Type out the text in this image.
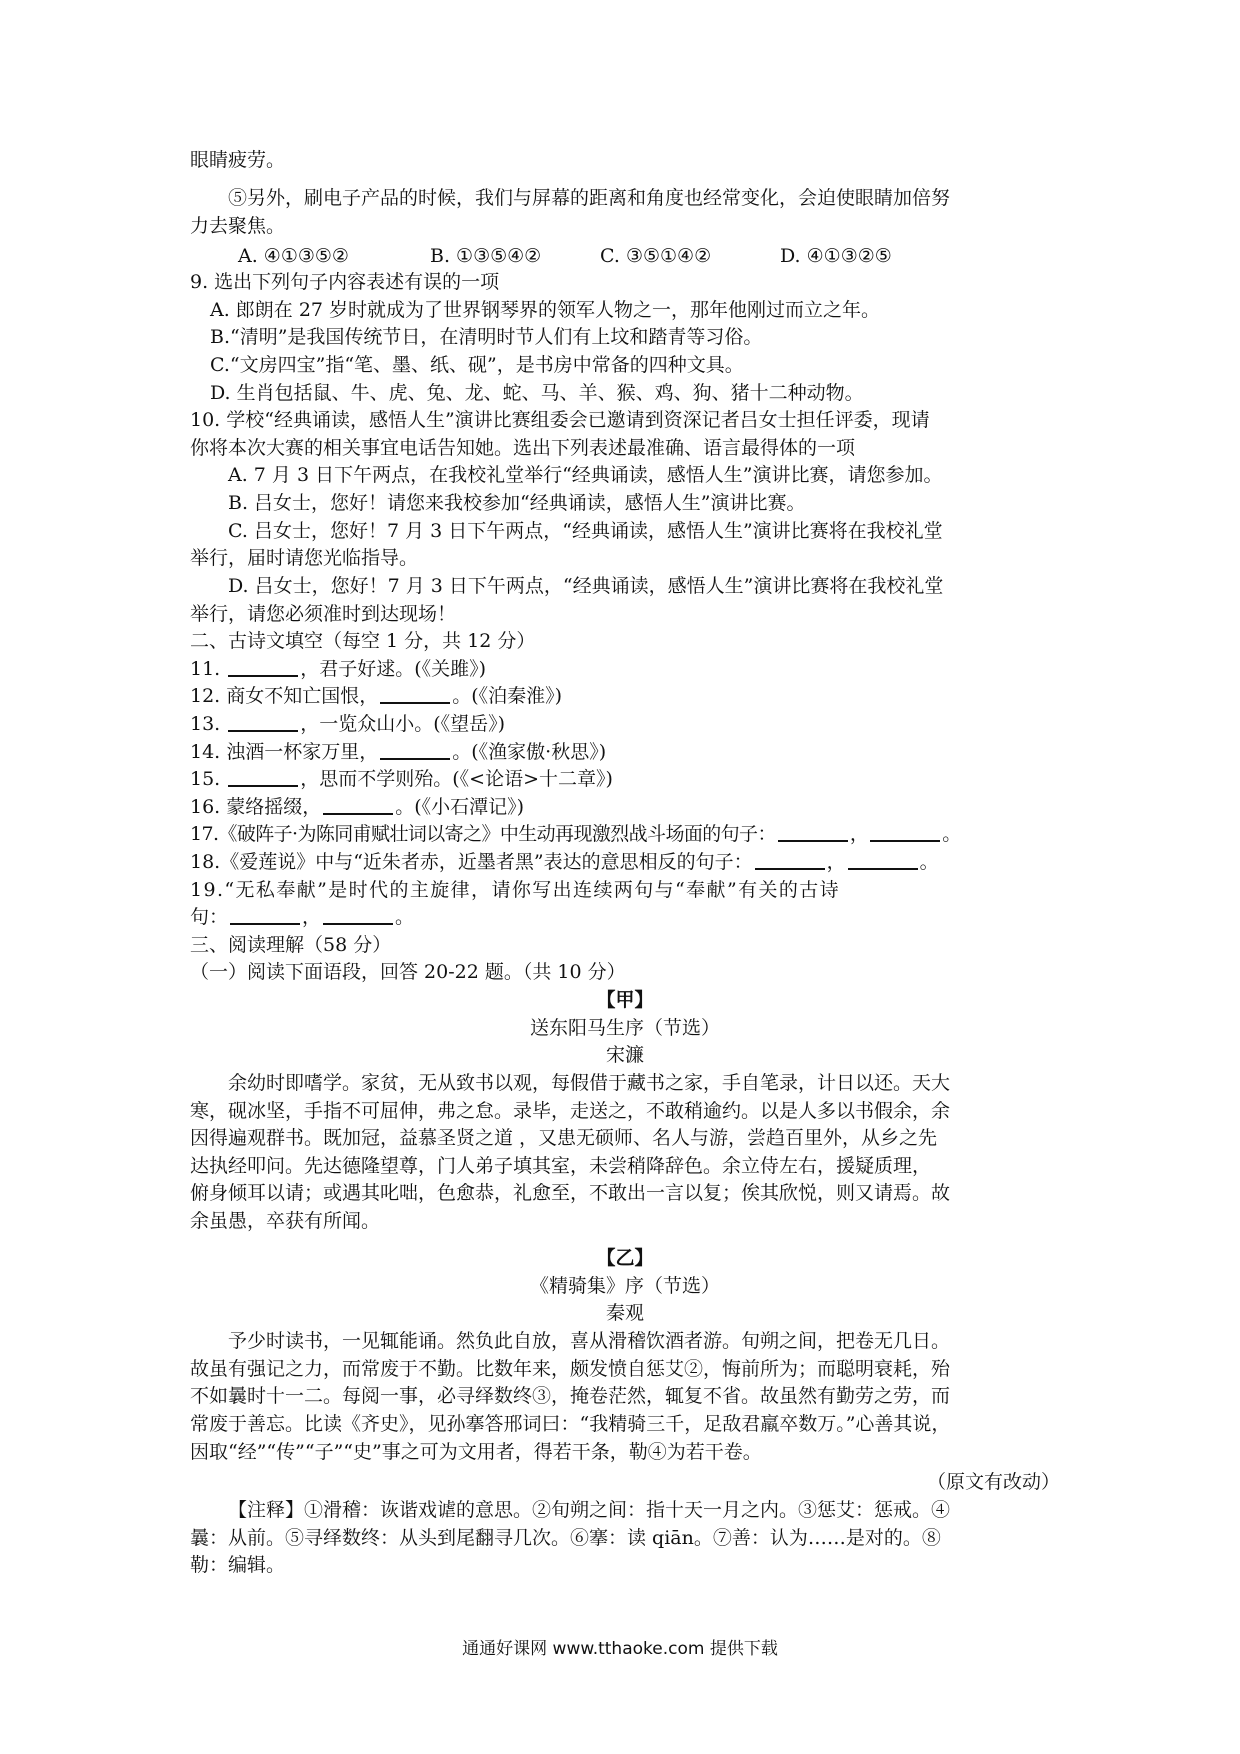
眼睛疲劳。
⑤另外，刷电子产品的时候，我们与屏幕的距离和角度也经常变化，会迫使眼睛加倍努
力去聚焦。
A. ④①③⑤②	B. ①③⑤④②	C. ③⑤①④②	D. ④①③②⑤
9. 选出下列句子内容表述有误的一项
A. 郎朗在 27 岁时就成为了世界钢琴界的领军人物之一，那年他刚过而立之年。
B.“清明”是我国传统节日，在清明时节人们有上坟和踏青等习俗。
C.“文房四宝”指“笔、墨、纸、砚”，是书房中常备的四种文具。
D. 生肖包括鼠、牛、虎、兔、龙、蛇、马、羊、猴、鸡、狗、猪十二种动物。
10. 学校“经典诵读，感悟人生”演讲比赛组委会已邀请到资深记者吕女士担任评委，现请
你将本次大赛的相关事宜电话告知她。选出下列表述最准确、语言最得体的一项
A. 7 月 3 日下午两点，在我校礼堂举行“经典诵读，感悟人生”演讲比赛，请您参加。
B. 吕女士，您好！请您来我校参加“经典诵读，感悟人生”演讲比赛。
C. 吕女士，您好！7 月 3 日下午两点，“经典诵读，感悟人生”演讲比赛将在我校礼堂
举行，届时请您光临指导。
D. 吕女士，您好！7 月 3 日下午两点，“经典诵读，感悟人生”演讲比赛将在我校礼堂
举行，请您必须准时到达现场！
二、古诗文填空（每空 1 分，共 12 分）
11.	，君子好逑。(《关雎》)
12. 商女不知亡国恨，	。(《泊秦淮》)
13.	，一览众山小。(《望岳》)
14. 浊酒一杯家万里，	。(《渔家傲·秋思》)
15.	，思而不学则殆。(《<论语>十二章》)
16. 蒙络摇缀，	。(《小石潭记》)
17.《破阵子·为陈同甫赋壮词以寄之》中生动再现激烈战斗场面的句子：	，	。
18.《爱莲说》中与“近朱者赤，近墨者黑”表达的意思相反的句子：	，	。
19.“无私奉献”是时代的主旋律，请你写出连续两句与“奉献”有关的古诗
句：	，	。
三、阅读理解（58 分）
（一）阅读下面语段，回答 20-22 题。（共 10 分）
【甲】
送东阳马生序（节选）
宋濂
余幼时即嗜学。家贫，无从致书以观，每假借于藏书之家，手自笔录，计日以还。天大
寒，砚冰坚，手指不可屈伸，弗之怠。录毕，走送之，不敢稍逾约。以是人多以书假余，余
因得遍观群书。既加冠，益慕圣贤之道 ，又患无硕师、名人与游，尝趋百里外，从乡之先
达执经叩问。先达德隆望尊，门人弟子填其室，未尝稍降辞色。余立侍左右，援疑质理，
俯身倾耳以请；或遇其叱咄，色愈恭，礼愈至，不敢出一言以复；俟其欣悦，则又请焉。故
余虽愚，卒获有所闻。
【乙】
《精骑集》序（节选）
秦观
予少时读书，一见辄能诵。然负此自放，喜从滑稽饮酒者游。旬朔之间，把卷无几日。
故虽有强记之力，而常废于不勤。比数年来，颇发愤自惩艾②，悔前所为；而聪明衰耗，殆
不如曩时十一二。每阅一事，必寻绎数终③，掩卷茫然，辄复不省。故虽然有勤劳之劳，而
常废于善忘。比读《齐史》，见孙搴答邢词曰：“我精骑三千，足敌君羸卒数万。”心善其说，
因取“经”“传”“子”“史”事之可为文用者，得若干条，勒④为若干卷。
（原文有改动）
【注释】①滑稽：诙谐戏谑的意思。②旬朔之间：指十天一月之内。③惩艾：惩戒。④
曩：从前。⑤寻绎数终：从头到尾翻寻几次。⑥搴：读 qiān。⑦善：认为……是对的。⑧
勒：编辑。
通通好课网 www.tthaoke.com 提供下载
